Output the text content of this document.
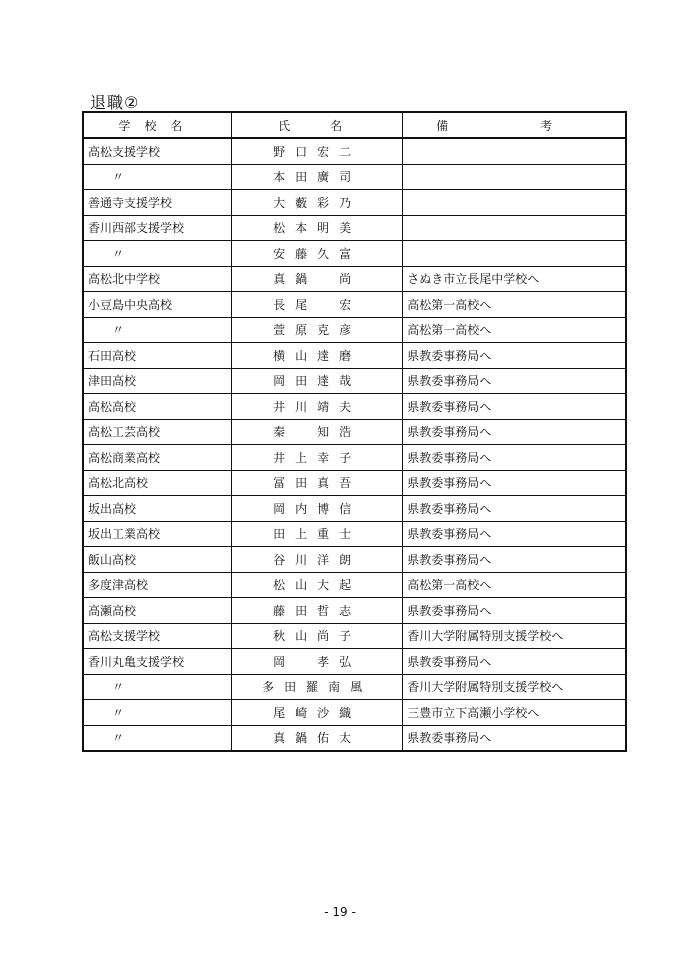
退職②
学校名	氏　名	備　考
高松支援学校	野口宏二	
〃	本田廣司	
善通寺支援学校	大藪彩乃	
香川西部支援学校	松本明美	
〃	安藤久富	
高松北中学校	真鍋　尚	さぬき市立長尾中学校へ
小豆島中央高校	長尾　宏	高松第一高校へ
〃	萱原克彦	高松第一高校へ
石田高校	横山達磨	県教委事務局へ
津田高校	岡田達哉	県教委事務局へ
高松高校	井川靖夫	県教委事務局へ
高松工芸高校	秦　知浩	県教委事務局へ
高松商業高校	井上幸子	県教委事務局へ
高松北高校	冨田真吾	県教委事務局へ
坂出高校	岡内博信	県教委事務局へ
坂出工業高校	田上重士	県教委事務局へ
飯山高校	谷川洋朗	県教委事務局へ
多度津高校	松山大起	高松第一高校へ
高瀬高校	藤田哲志	県教委事務局へ
高松支援学校	秋山尚子	香川大学附属特別支援学校へ
香川丸亀支援学校	岡　孝弘	県教委事務局へ
〃	多田羅南風	香川大学附属特別支援学校へ
〃	尾崎沙織	三豊市立下高瀬小学校へ
〃	真鍋佑太	県教委事務局へ
- 19 -
